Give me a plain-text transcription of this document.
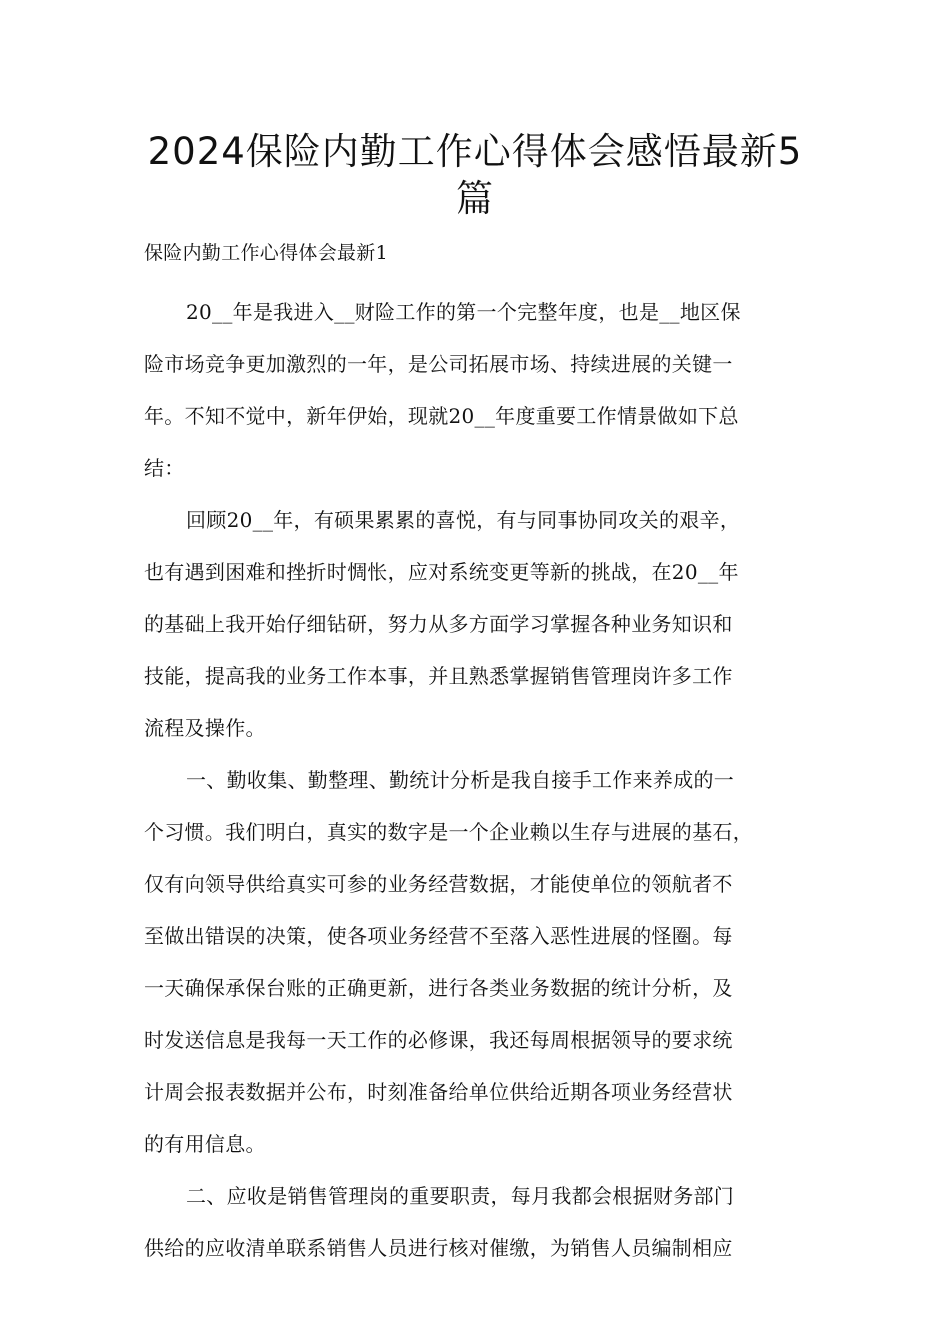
2024保险内勤工作心得体会感悟最新5
篇
保险内勤工作心得体会最新1
20__年是我进入__财险工作的第一个完整年度，也是__地区保
险市场竞争更加激烈的一年，是公司拓展市场、持续进展的关键一
年。不知不觉中，新年伊始，现就20__年度重要工作情景做如下总
结：
回顾20__年，有硕果累累的喜悦，有与同事协同攻关的艰辛，
也有遇到困难和挫折时惆怅，应对系统变更等新的挑战，在20__年
的基础上我开始仔细钻研，努力从多方面学习掌握各种业务知识和
技能，提高我的业务工作本事，并且熟悉掌握销售管理岗许多工作
流程及操作。
一、勤收集、勤整理、勤统计分析是我自接手工作来养成的一
个习惯。我们明白，真实的数字是一个企业赖以生存与进展的基石，
仅有向领导供给真实可参的业务经营数据，才能使单位的领航者不
至做出错误的决策，使各项业务经营不至落入恶性进展的怪圈。每
一天确保承保台账的正确更新，进行各类业务数据的统计分析，及
时发送信息是我每一天工作的必修课，我还每周根据领导的要求统
计周会报表数据并公布，时刻准备给单位供给近期各项业务经营状
的有用信息。
二、应收是销售管理岗的重要职责，每月我都会根据财务部门
供给的应收清单联系销售人员进行核对催缴，为销售人员编制相应
